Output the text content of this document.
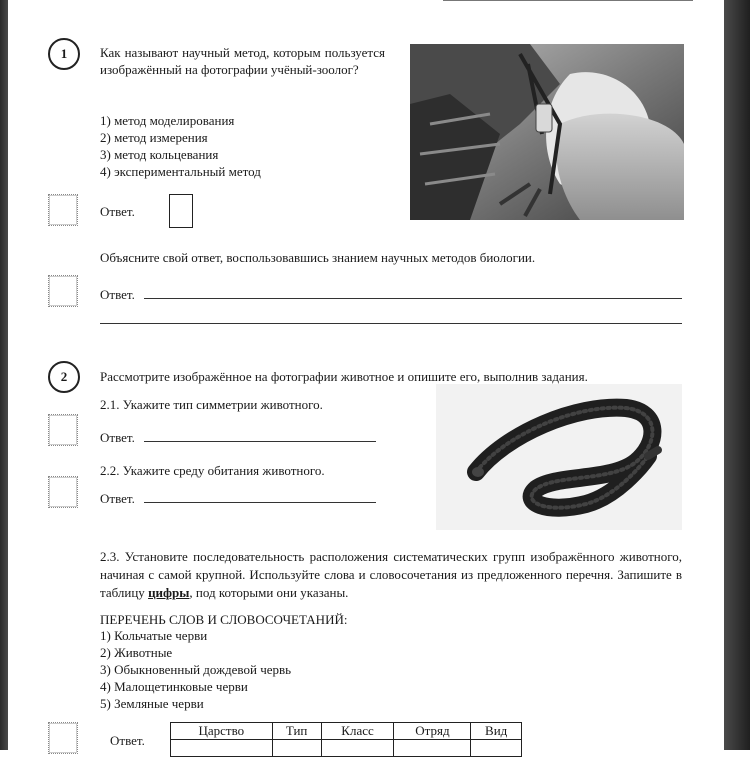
1	Как называют научный метод, которым пользуется изображённый на фотографии учёный-зоолог?
1) метод моделирования
2) метод измерения
3) метод кольцевания
4) экспериментальный метод
Ответ.
Объясните свой ответ, воспользовавшись знанием научных методов биологии.
Ответ.
2	Рассмотрите изображённое на фотографии животное и опишите его, выполнив задания.
2.1. Укажите тип симметрии животного.
Ответ.
2.2. Укажите среду обитания животного.
Ответ.
2.3. Установите последовательность расположения систематических групп изображённого животного, начиная с самой крупной. Используйте слова и словосочетания из предложенного перечня. Запишите в таблицу цифры, под которыми они указаны.
ПЕРЕЧЕНЬ СЛОВ И СЛОВОСОЧЕТАНИЙ:
1) Кольчатые черви
2) Животные
3) Обыкновенный дождевой червь
4) Малощетинковые черви
5) Земляные черви
Ответ.
Царство	Тип	Класс	Отряд	Вид
